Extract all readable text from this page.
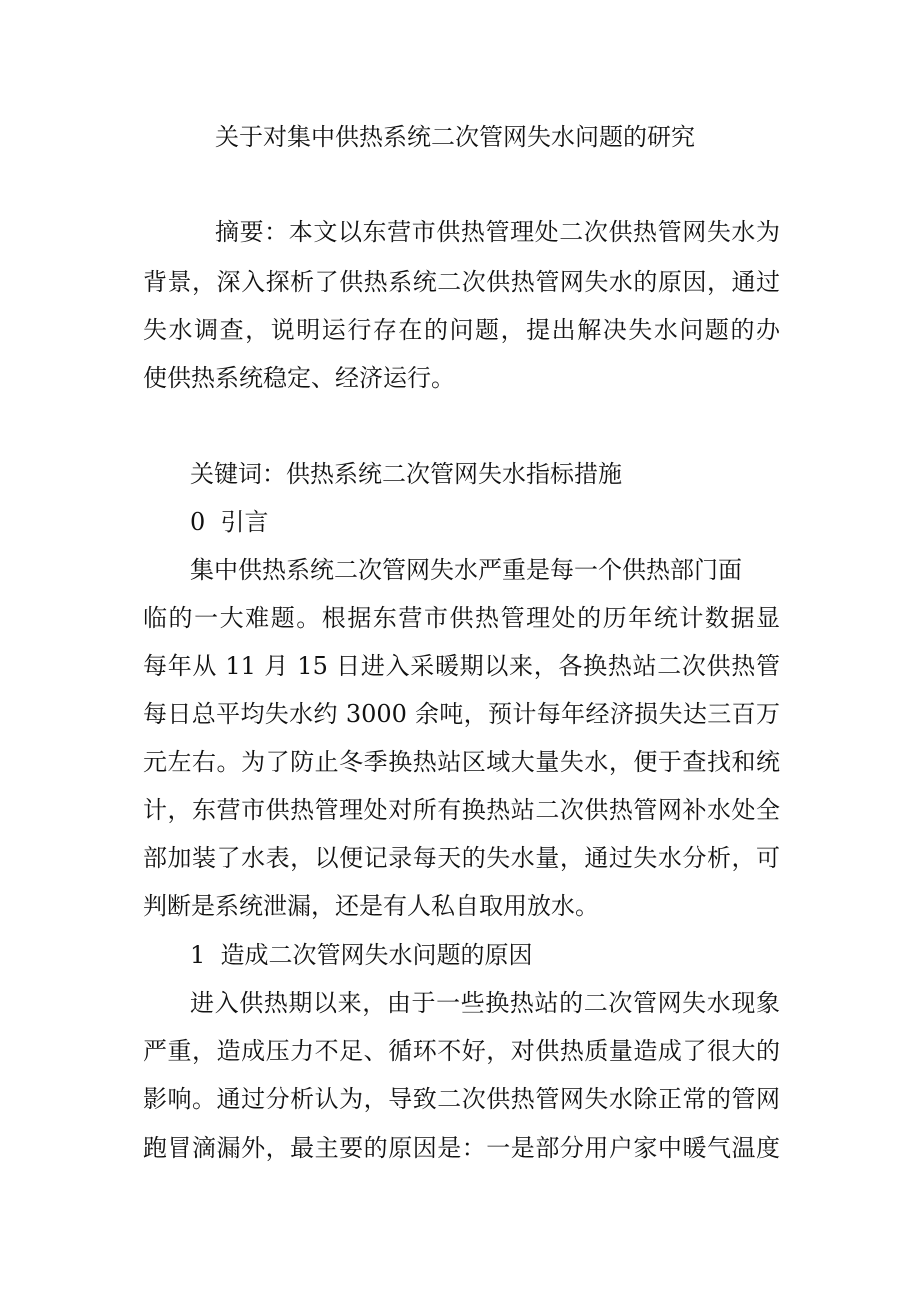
关于对集中供热系统二次管网失水问题的研究
摘要：本文以东营市供热管理处二次供热管网失水为
背景，深入探析了供热系统二次供热管网失水的原因，通过
失水调查，说明运行存在的问题，提出解决失水问题的办
使供热系统稳定、经济运行。
关键词：供热系统二次管网失水指标措施
0  引言
集中供热系统二次管网失水严重是每一个供热部门面
临的一大难题。根据东营市供热管理处的历年统计数据显
每年从 11 月 15 日进入采暖期以来，各换热站二次供热管
每日总平均失水约 3000 余吨，预计每年经济损失达三百万
元左右。为了防止冬季换热站区域大量失水，便于查找和统
计，东营市供热管理处对所有换热站二次供热管网补水处全
部加装了水表，以便记录每天的失水量，通过失水分析，可
判断是系统泄漏，还是有人私自取用放水。
1  造成二次管网失水问题的原因
进入供热期以来，由于一些换热站的二次管网失水现象
严重，造成压力不足、循环不好，对供热质量造成了很大的
影响。通过分析认为，导致二次供热管网失水除正常的管网
跑冒滴漏外，最主要的原因是：一是部分用户家中暖气温度
